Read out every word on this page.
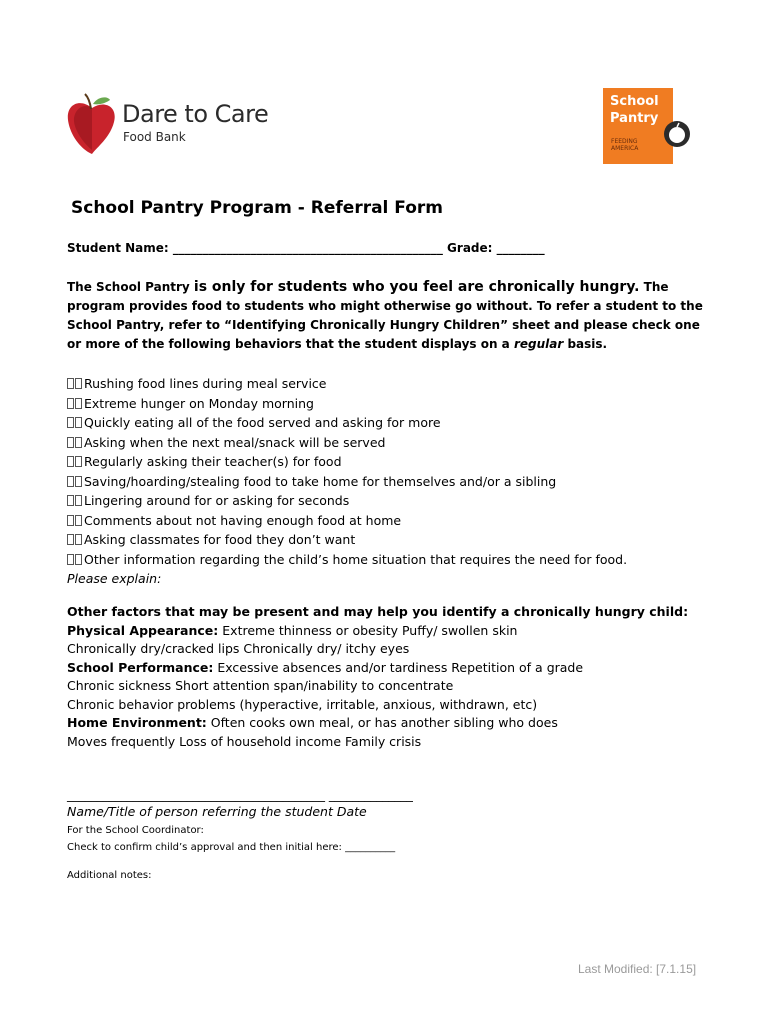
Dare to Care
Food Bank
School
Pantry
FEEDING AMERICA
School Pantry Program - Referral Form
Student Name: _____________________________________________ Grade: ________
The School Pantry is only for students who you feel are chronically hungry. The program provides food to students who might otherwise go without. To refer a student to the School Pantry, refer to “Identifying Chronically Hungry Children” sheet and please check one or more of the following behaviors that the student displays on a regular basis.
Rushing food lines during meal service
Extreme hunger on Monday morning
Quickly eating all of the food served and asking for more
Asking when the next meal/snack will be served
Regularly asking their teacher(s) for food
Saving/hoarding/stealing food to take home for themselves and/or a sibling
Lingering around for or asking for seconds
Comments about not having enough food at home
Asking classmates for food they don’t want
Other information regarding the child’s home situation that requires the need for food.
Please explain:
Other factors that may be present and may help you identify a chronically hungry child:
Physical Appearance: Extreme thinness or obesity Puffy/ swollen skin
Chronically dry/cracked lips Chronically dry/ itchy eyes
School Performance: Excessive absences and/or tardiness Repetition of a grade
Chronic sickness Short attention span/inability to concentrate
Chronic behavior problems (hyperactive, irritable, anxious, withdrawn, etc)
Home Environment: Often cooks own meal, or has another sibling who does
Moves frequently Loss of household income Family crisis
___________________________________________ ______________
Name/Title of person referring the student Date
For the School Coordinator:
Check to confirm child’s approval and then initial here: __________
Additional notes:
Last Modified: [7.1.15]
